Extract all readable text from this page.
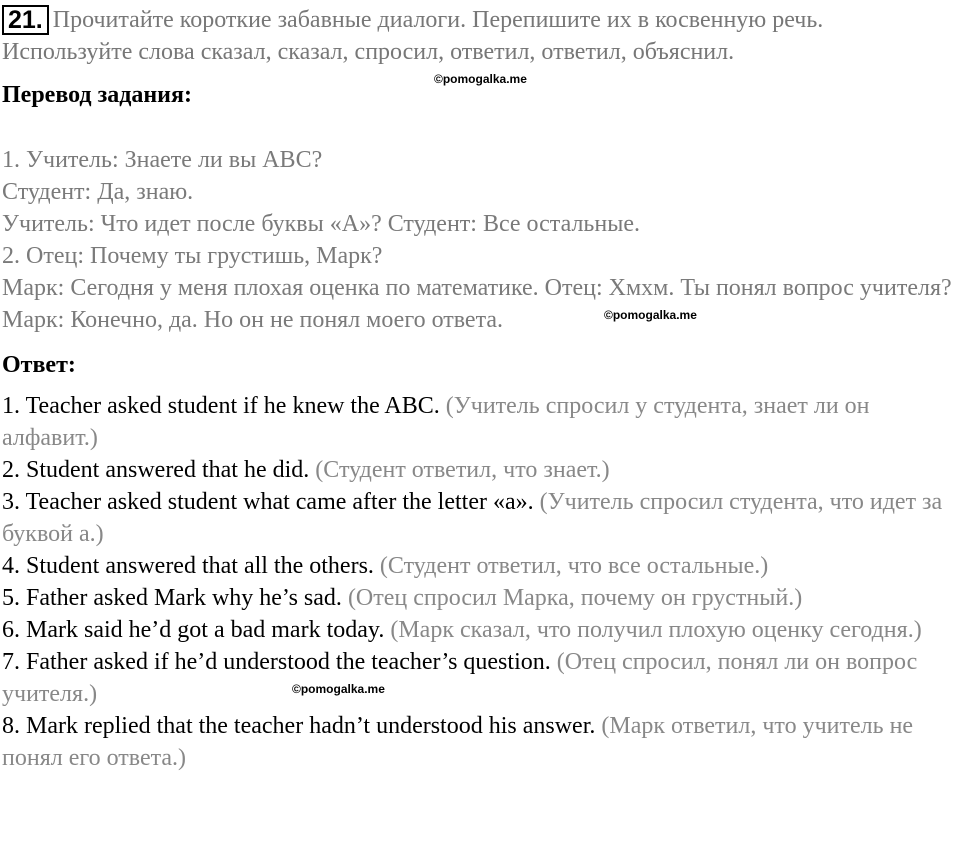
21. Прочитайте короткие забавные диалоги. Перепишите их в косвенную речь. Используйте слова сказал, сказал, спросил, ответил, ответил, объяснил.

Перевод задания:

1. Учитель: Знаете ли вы ABC?

Студент: Да, знаю.

Учитель: Что идет после буквы «A»? Студент: Все остальные.

2. Отец: Почему ты грустишь, Марк?

Марк: Сегодня у меня плохая оценка по математике. Отец: Хмхм. Ты понял вопрос учителя?

Марк: Конечно, да. Но он не понял моего ответа.

Ответ:

1. Teacher asked student if he knew the ABC. (Учитель спросил у студента, знает ли он алфавит.)

2. Student answered that he did. (Студент ответил, что знает.)

3. Teacher asked student what came after the letter «a». (Учитель спросил студента, что идет за буквой a.)

4. Student answered that all the others. (Студент ответил, что все остальные.)

5. Father asked Mark why he’s sad. (Отец спросил Марка, почему он грустный.)

6. Mark said he’d got a bad mark today. (Марк сказал, что получил плохую оценку сегодня.)

7. Father asked if he’d understood the teacher’s question. (Отец спросил, понял ли он вопрос учителя.)

8. Mark replied that the teacher hadn’t understood his answer. (Марк ответил, что учитель не понял его ответа.)

©pomogalka.me
©pomogalka.me
©pomogalka.me
